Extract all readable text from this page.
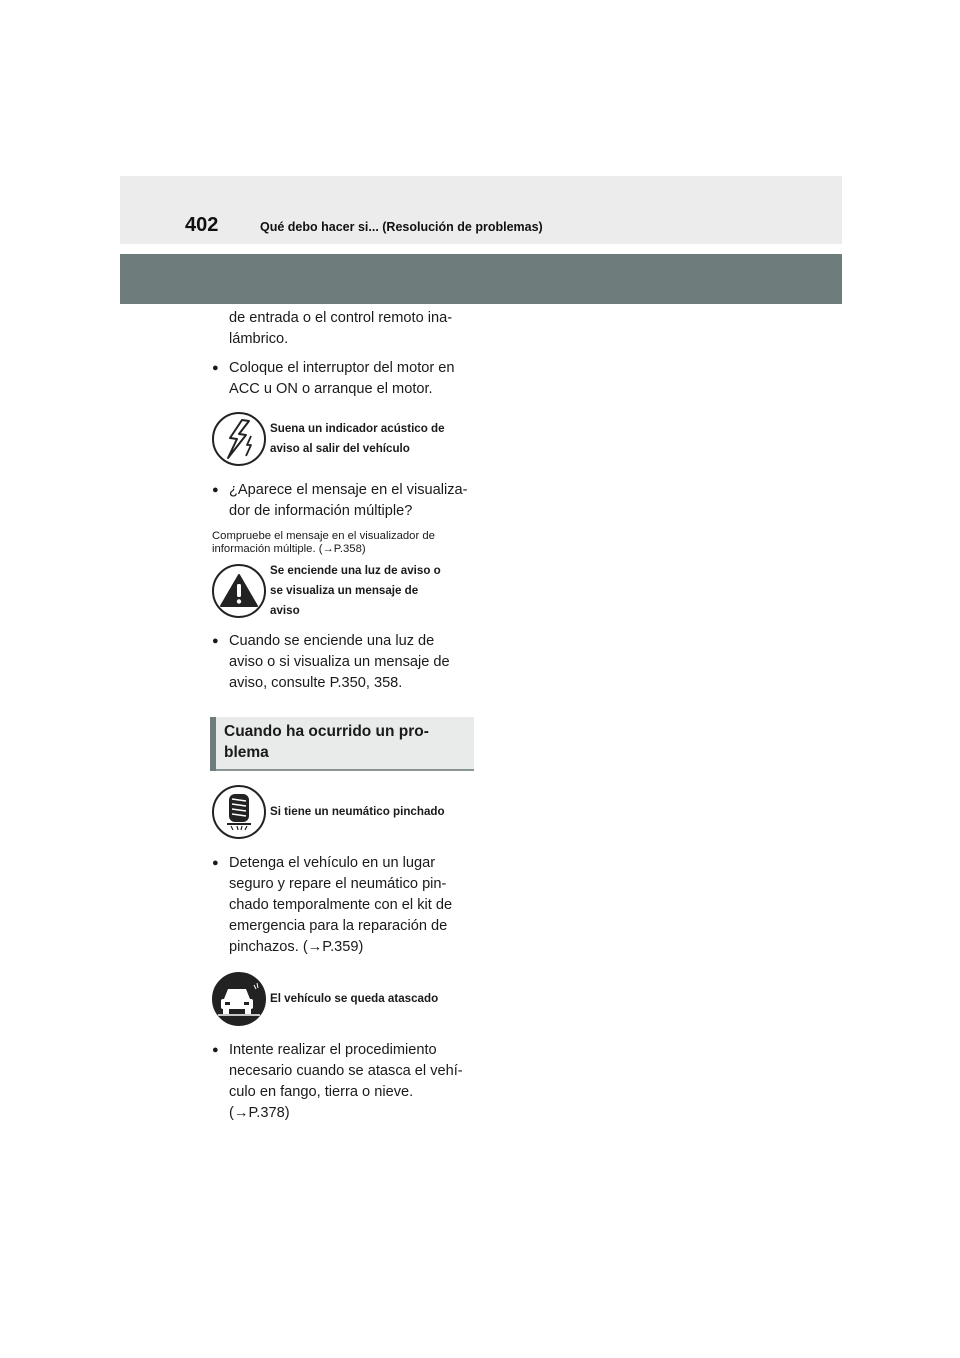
402	Qué debo hacer si... (Resolución de problemas)

de entrada o el control remoto ina-
lámbrico.

● Coloque el interruptor del motor en
ACC u ON o arranque el motor.
Suena un indicador acústico de
aviso al salir del vehículo
● ¿Aparece el mensaje en el visualiza-
dor de información múltiple?
Compruebe el mensaje en el visualizador de
información múltiple. (→P.358)
Se enciende una luz de aviso o
se visualiza un mensaje de
aviso
● Cuando se enciende una luz de
aviso o si visualiza un mensaje de
aviso, consulte P.350, 358.
Cuando ha ocurrido un pro-
blema
Si tiene un neumático pinchado
● Detenga el vehículo en un lugar
seguro y repare el neumático pin-
chado temporalmente con el kit de
emergencia para la reparación de
pinchazos. (→P.359)
El vehículo se queda atascado
● Intente realizar el procedimiento
necesario cuando se atasca el vehí-
culo en fango, tierra o nieve.
(→P.378)
